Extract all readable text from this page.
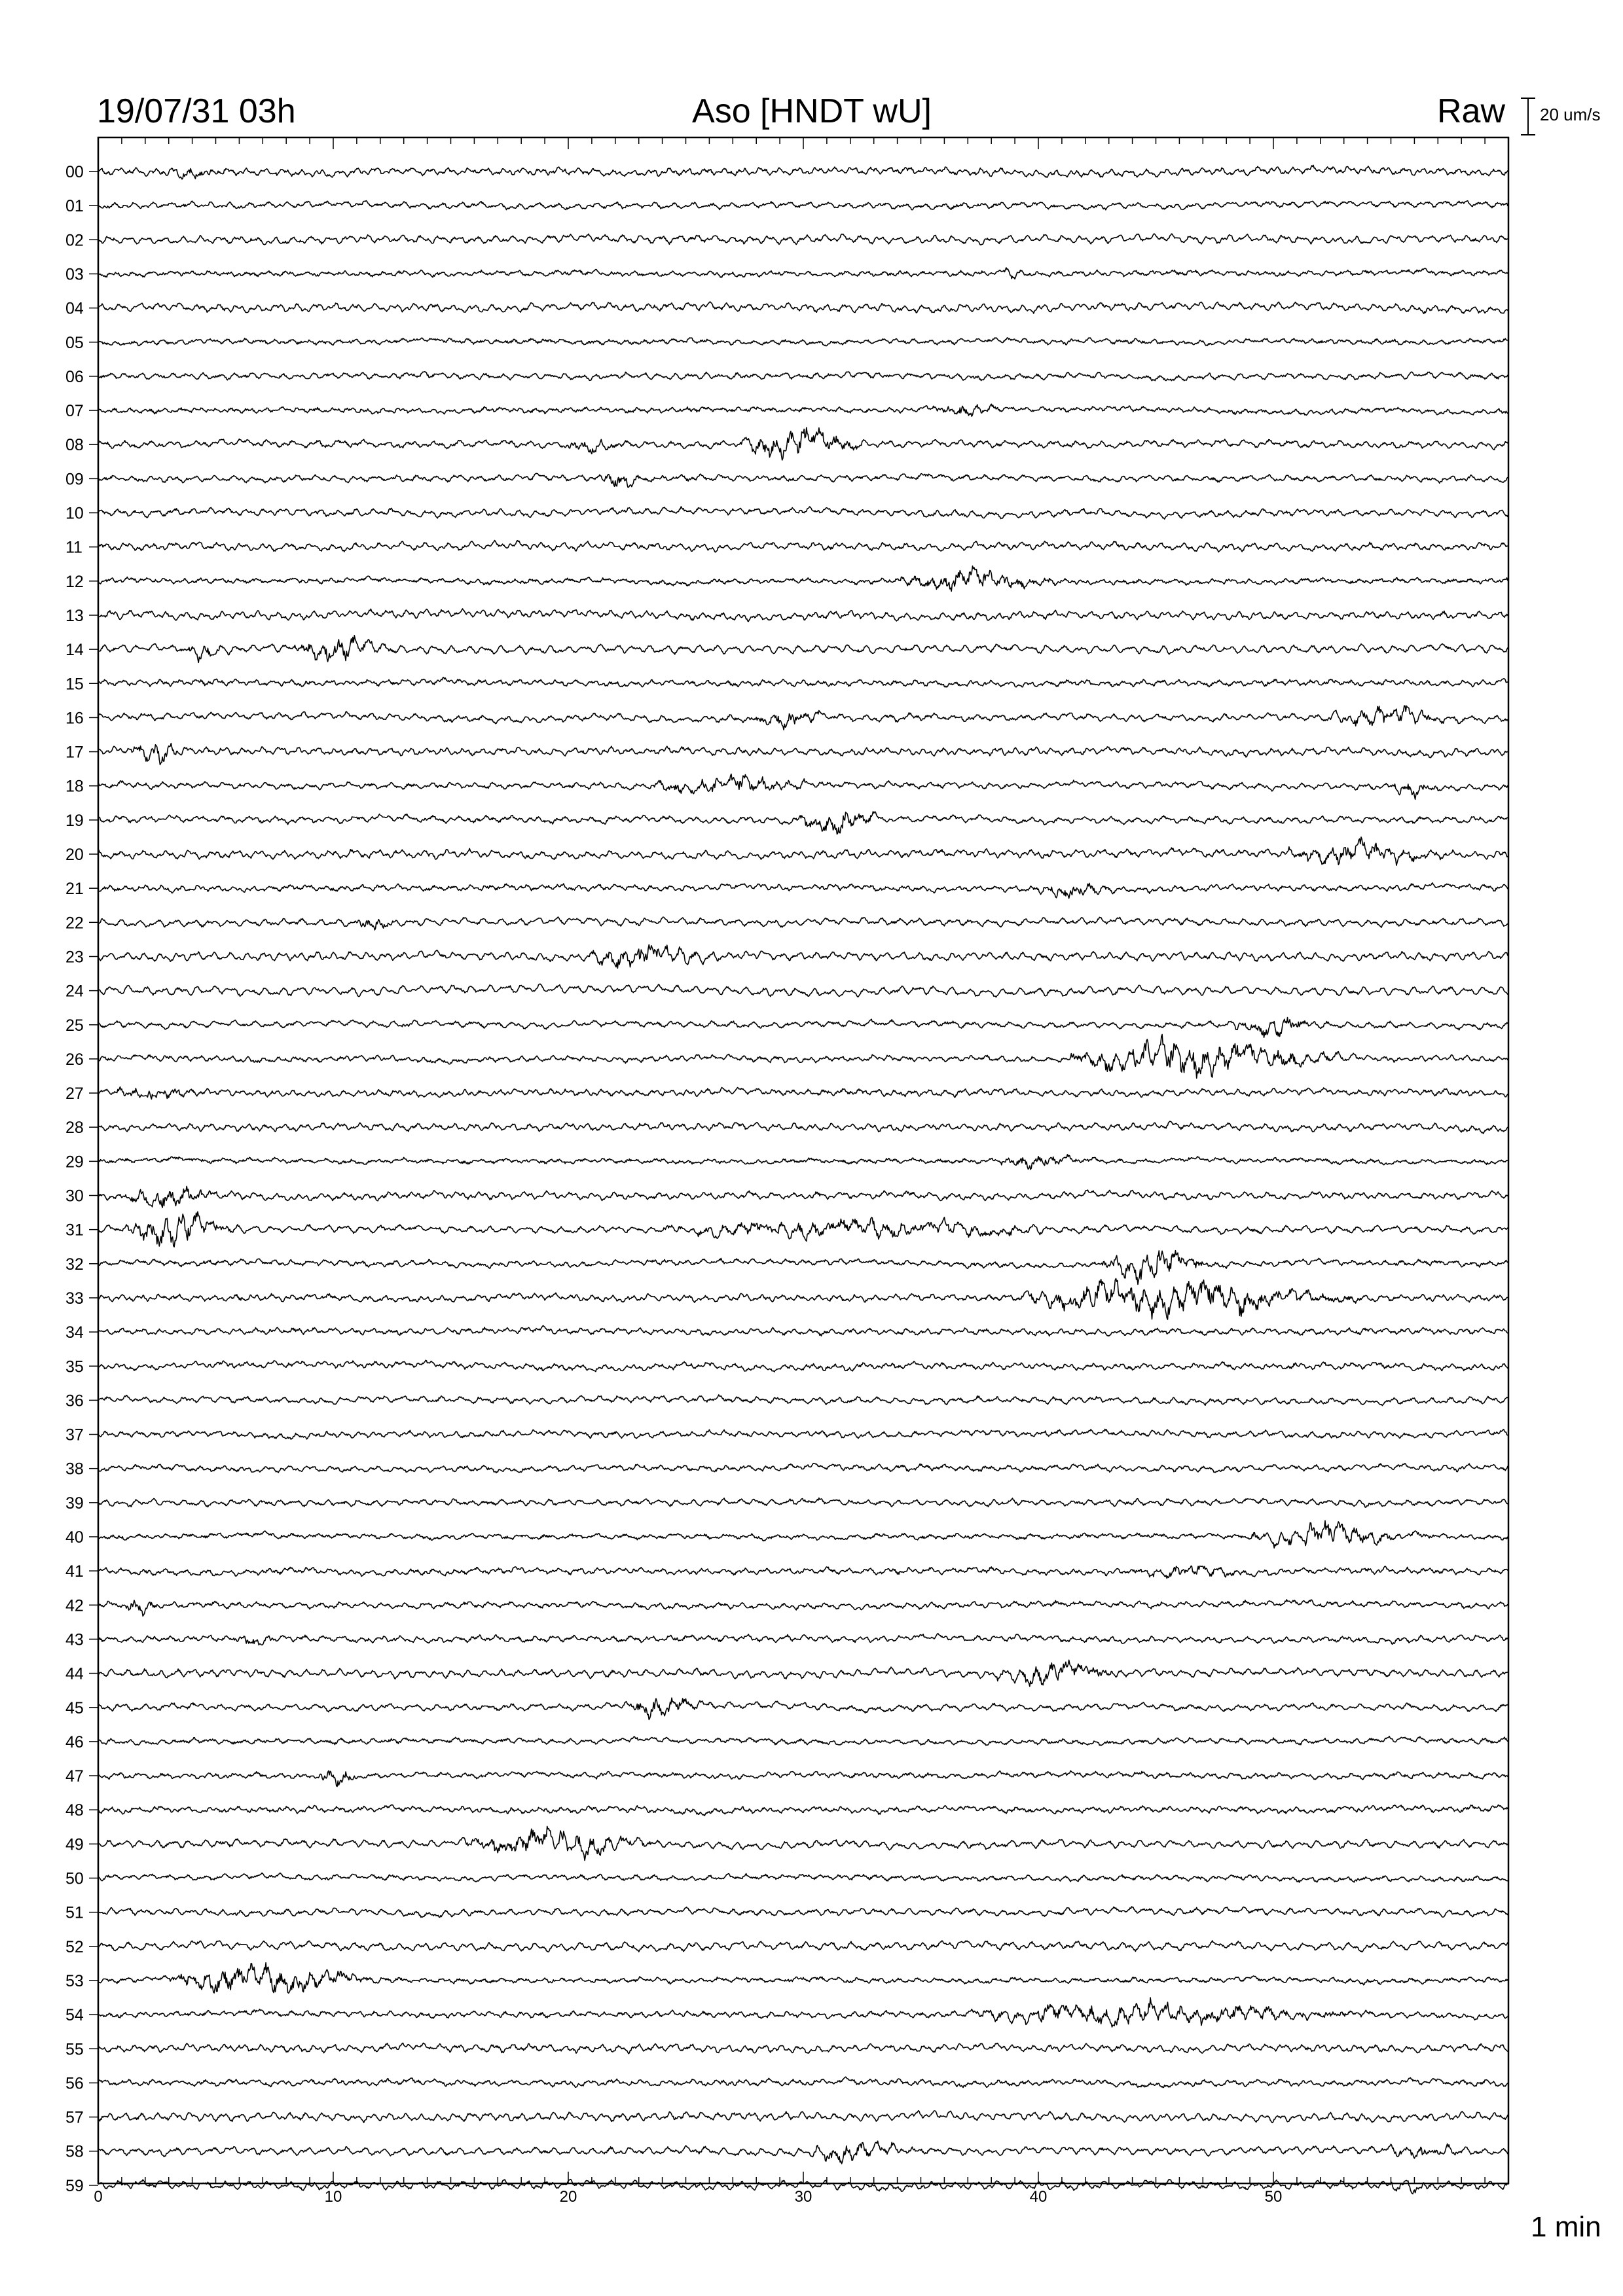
19/07/31 03h	Aso [HNDT wU]	Raw 20 um/s
1 min
00
01
02
03
04
05
06
07
08
09
10
11
12
13
14
15
16
17
18
19
20
21
22
23
24
25
26
27
28
29
30
31
32
33
34
35
36
37
38
39
40
41
42
43
44
45
46
47
48
49
50
51
52
53
54
55
56
57
58
59
0	10	20	30	40	50
